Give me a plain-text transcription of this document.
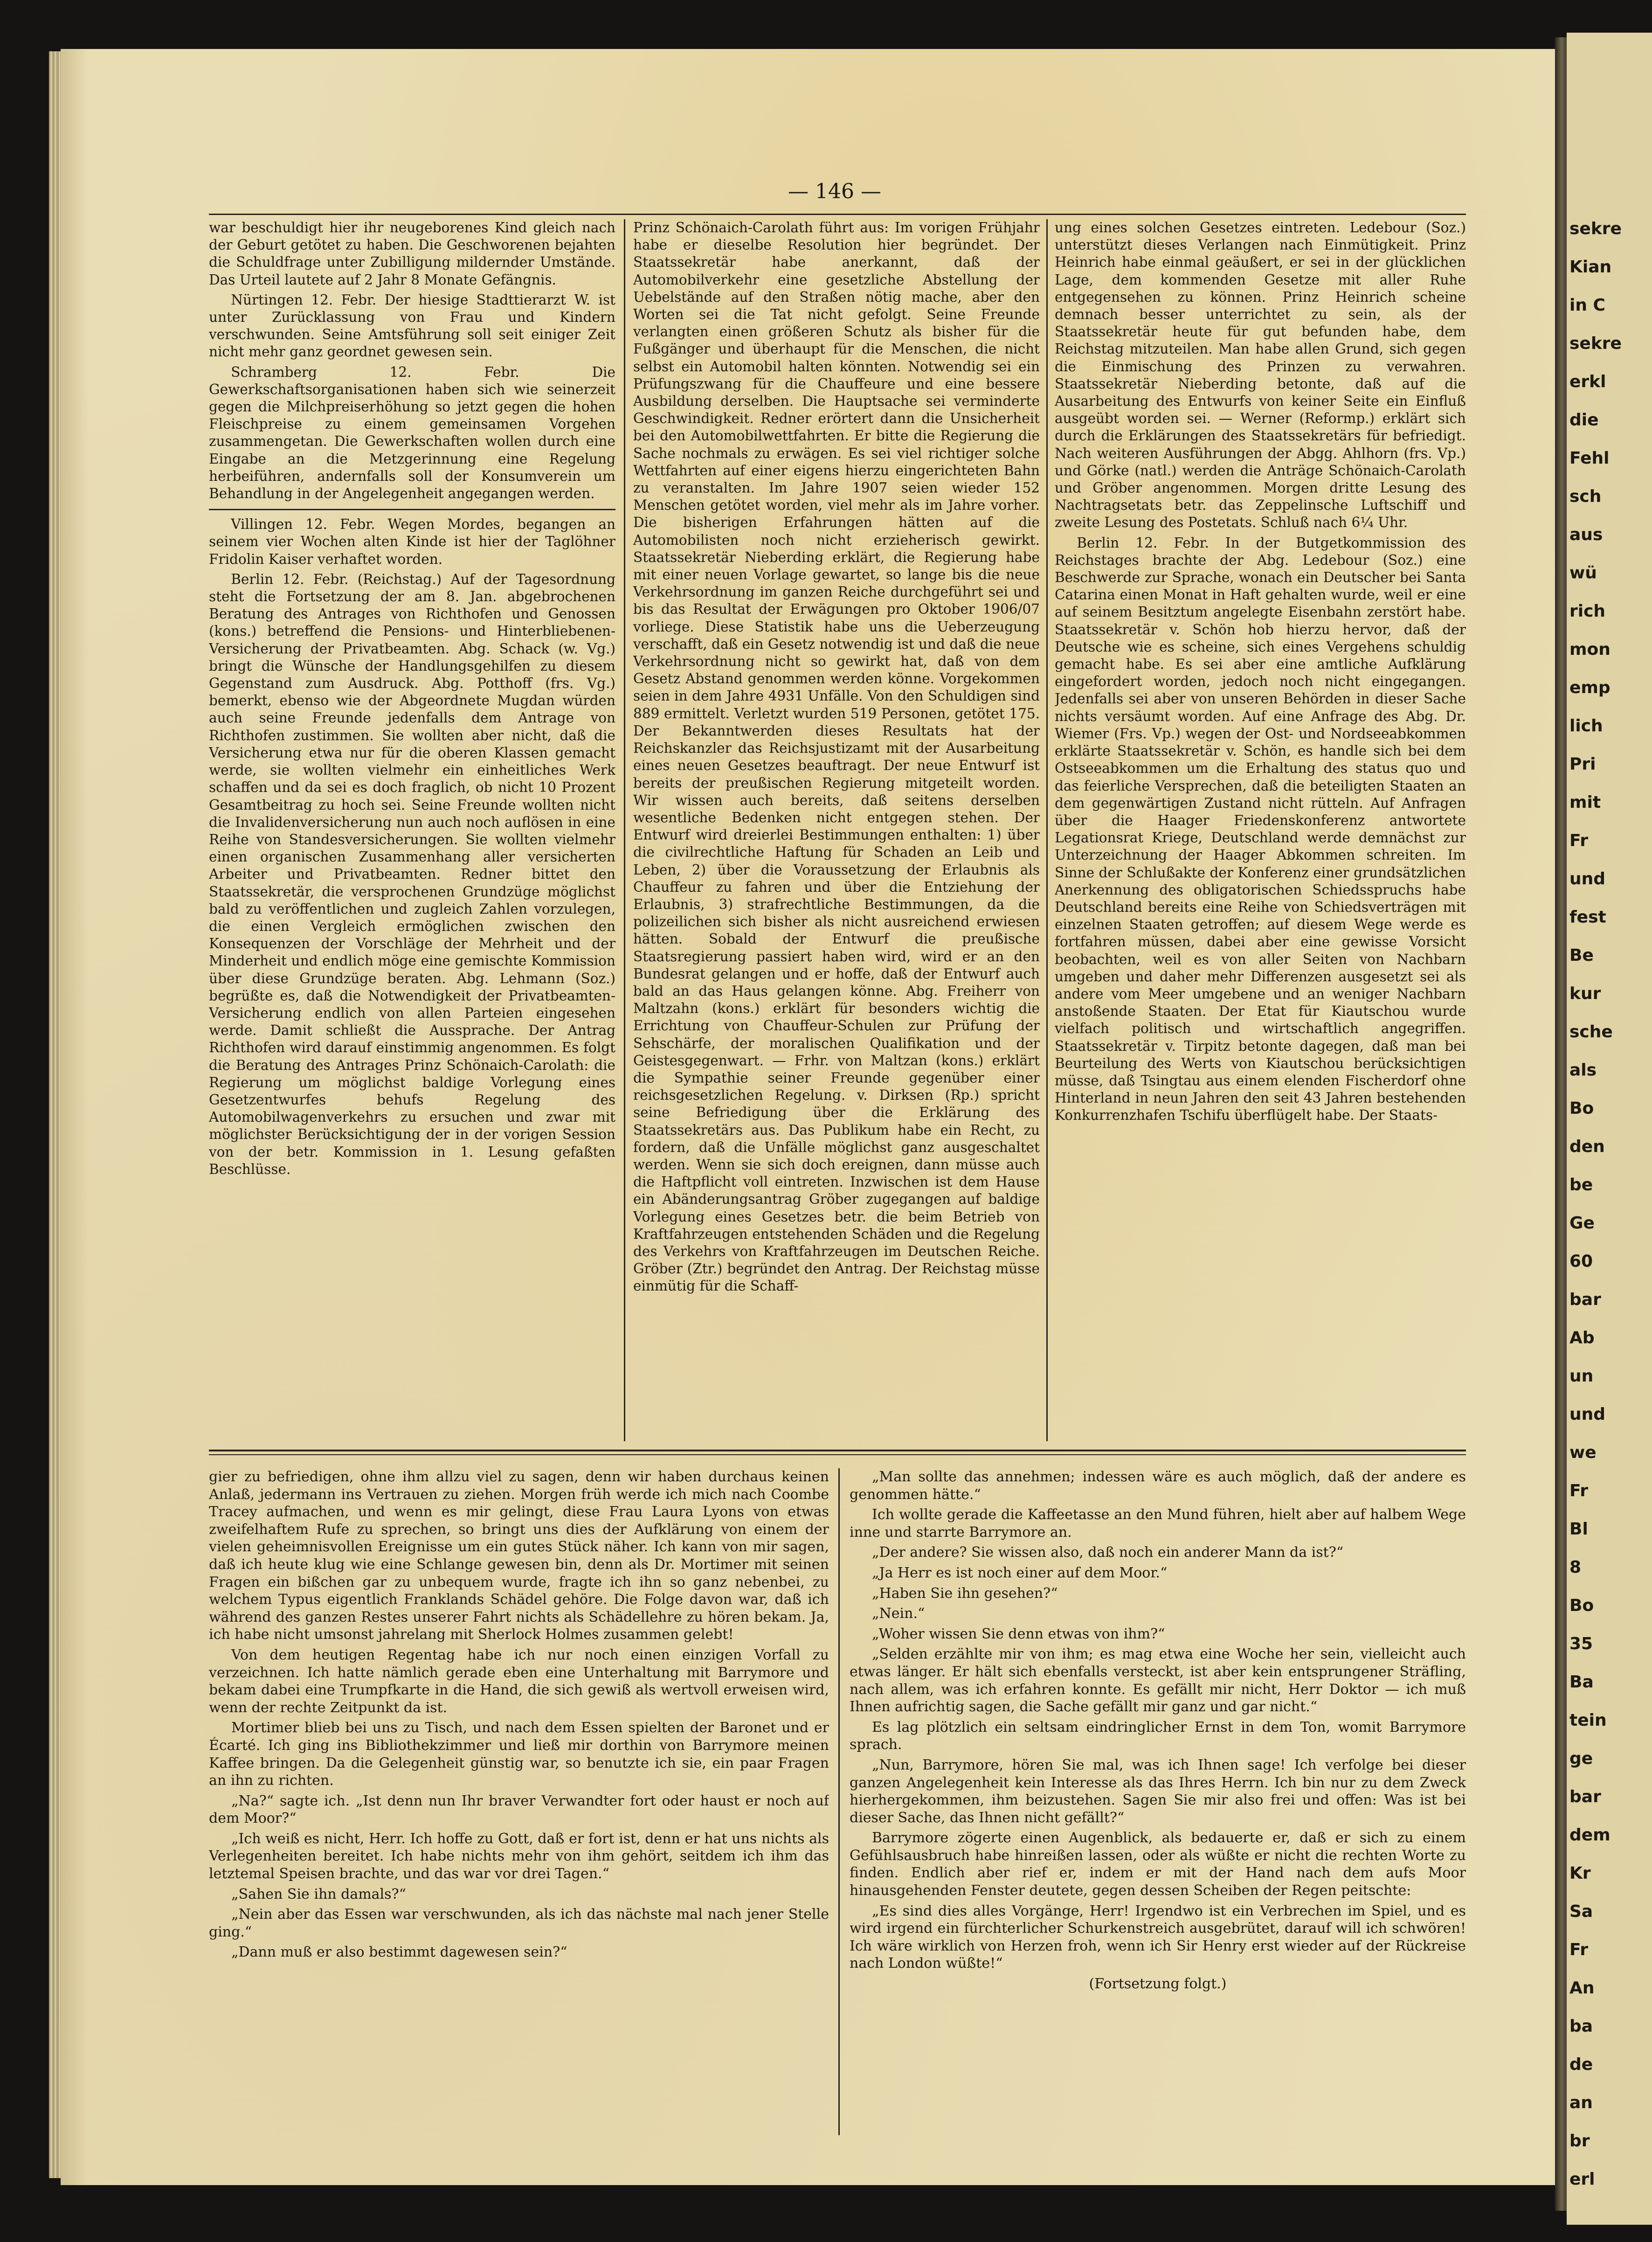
sekre
Kian
in C
sekre
erkl
die
Fehl
sch
aus
wü
rich
mon
emp
lich
Pri
mit
Fr
und
fest
Be
kur
sche
als
Bo
den
be
Ge
60
bar
Ab
un
und
we
Fr
Bl
8
Bo
35
Ba
tein
ge
bar
dem
Kr
Sa
Fr
An
ba
de
an
br
erl
— 146 —

war beschuldigt hier ihr neugeborenes Kind gleich nach der Geburt getötet zu haben. Die Geschworenen bejahten die Schuldfrage unter Zubilligung mildernder Umstände. Das Urteil lautete auf 2 Jahr 8 Monate Gefängnis.

Nürtingen 12. Febr. Der hiesige Stadttierarzt W. ist unter Zurücklassung von Frau und Kindern verschwunden. Seine Amtsführung soll seit einiger Zeit nicht mehr ganz geordnet gewesen sein.

Schramberg 12. Febr. Die Gewerkschaftsorganisationen haben sich wie seinerzeit gegen die Milchpreiserhöhung so jetzt gegen die hohen Fleischpreise zu einem gemeinsamen Vorgehen zusammengetan. Die Gewerkschaften wollen durch eine Eingabe an die Metzgerinnung eine Regelung herbeiführen, andernfalls soll der Konsumverein um Behandlung in der Angelegenheit angegangen werden.

Villingen 12. Febr. Wegen Mordes, begangen an seinem vier Wochen alten Kinde ist hier der Taglöhner Fridolin Kaiser verhaftet worden.

Berlin 12. Febr. (Reichstag.) Auf der Tagesordnung steht die Fortsetzung der am 8. Jan. abgebrochenen Beratung des Antrages von Richthofen und Genossen (kons.) betreffend die Pensions- und Hinterbliebenen-Versicherung der Privatbeamten. Abg. Schack (w. Vg.) bringt die Wünsche der Handlungsgehilfen zu diesem Gegenstand zum Ausdruck. Abg. Potthoff (frs. Vg.) bemerkt, ebenso wie der Abgeordnete Mugdan würden auch seine Freunde jedenfalls dem Antrage von Richthofen zustimmen. Sie wollten aber nicht, daß die Versicherung etwa nur für die oberen Klassen gemacht werde, sie wollten vielmehr ein einheitliches Werk schaffen und da sei es doch fraglich, ob nicht 10 Prozent Gesamtbeitrag zu hoch sei. Seine Freunde wollten nicht die Invalidenversicherung nun auch noch auflösen in eine Reihe von Standesversicherungen. Sie wollten vielmehr einen organischen Zusammenhang aller versicherten Arbeiter und Privatbeamten. Redner bittet den Staatssekretär, die versprochenen Grundzüge möglichst bald zu veröffentlichen und zugleich Zahlen vorzulegen, die einen Vergleich ermöglichen zwischen den Konsequenzen der Vorschläge der Mehrheit und der Minderheit und endlich möge eine gemischte Kommission über diese Grundzüge beraten. Abg. Lehmann (Soz.) begrüßte es, daß die Notwendigkeit der Privatbeamten-Versicherung endlich von allen Parteien eingesehen werde. Damit schließt die Aussprache. Der Antrag Richthofen wird darauf einstimmig angenommen. Es folgt die Beratung des Antrages Prinz Schönaich-Carolath: die Regierung um möglichst baldige Vorlegung eines Gesetzentwurfes behufs Regelung des Automobilwagenverkehrs zu ersuchen und zwar mit möglichster Berücksichtigung der in der vorigen Session von der betr. Kommission in 1. Lesung gefaßten Beschlüsse.

Prinz Schönaich-Carolath führt aus: Im vorigen Frühjahr habe er dieselbe Resolution hier begründet. Der Staatssekretär habe anerkannt, daß der Automobilverkehr eine gesetzliche Abstellung der Uebelstände auf den Straßen nötig mache, aber den Worten sei die Tat nicht gefolgt. Seine Freunde verlangten einen größeren Schutz als bisher für die Fußgänger und überhaupt für die Menschen, die nicht selbst ein Automobil halten könnten. Notwendig sei ein Prüfungszwang für die Chauffeure und eine bessere Ausbildung derselben. Die Hauptsache sei verminderte Geschwindigkeit. Redner erörtert dann die Unsicherheit bei den Automobilwettfahrten. Er bitte die Regierung die Sache nochmals zu erwägen. Es sei viel richtiger solche Wettfahrten auf einer eigens hierzu eingerichteten Bahn zu veranstalten. Im Jahre 1907 seien wieder 152 Menschen getötet worden, viel mehr als im Jahre vorher. Die bisherigen Erfahrungen hätten auf die Automobilisten noch nicht erzieherisch gewirkt. Staatssekretär Nieberding erklärt, die Regierung habe mit einer neuen Vorlage gewartet, so lange bis die neue Verkehrsordnung im ganzen Reiche durchgeführt sei und bis das Resultat der Erwägungen pro Oktober 1906/07 vorliege. Diese Statistik habe uns die Ueberzeugung verschafft, daß ein Gesetz notwendig ist und daß die neue Verkehrsordnung nicht so gewirkt hat, daß von dem Gesetz Abstand genommen werden könne. Vorgekommen seien in dem Jahre 4931 Unfälle. Von den Schuldigen sind 889 ermittelt. Verletzt wurden 519 Personen, getötet 175. Der Bekanntwerden dieses Resultats hat der Reichskanzler das Reichsjustizamt mit der Ausarbeitung eines neuen Gesetzes beauftragt. Der neue Entwurf ist bereits der preußischen Regierung mitgeteilt worden. Wir wissen auch bereits, daß seitens derselben wesentliche Bedenken nicht entgegen stehen. Der Entwurf wird dreierlei Bestimmungen enthalten: 1) über die civilrechtliche Haftung für Schaden an Leib und Leben, 2) über die Voraussetzung der Erlaubnis als Chauffeur zu fahren und über die Entziehung der Erlaubnis, 3) strafrechtliche Bestimmungen, da die polizeilichen sich bisher als nicht ausreichend erwiesen hätten. Sobald der Entwurf die preußische Staatsregierung passiert haben wird, wird er an den Bundesrat gelangen und er hoffe, daß der Entwurf auch bald an das Haus gelangen könne. Abg. Freiherr von Maltzahn (kons.) erklärt für besonders wichtig die Errichtung von Chauffeur-Schulen zur Prüfung der Sehschärfe, der moralischen Qualifikation und der Geistesgegenwart. — Frhr. von Maltzan (kons.) erklärt die Sympathie seiner Freunde gegenüber einer reichsgesetzlichen Regelung. v. Dirksen (Rp.) spricht seine Befriedigung über die Erklärung des Staatssekretärs aus. Das Publikum habe ein Recht, zu fordern, daß die Unfälle möglichst ganz ausgeschaltet werden. Wenn sie sich doch ereignen, dann müsse auch die Haftpflicht voll eintreten. Inzwischen ist dem Hause ein Abänderungsantrag Gröber zugegangen auf baldige Vorlegung eines Gesetzes betr. die beim Betrieb von Kraftfahrzeugen entstehenden Schäden und die Regelung des Verkehrs von Kraftfahrzeugen im Deutschen Reiche. Gröber (Ztr.) begründet den Antrag. Der Reichstag müsse einmütig für die Schaff-

ung eines solchen Gesetzes eintreten. Ledebour (Soz.) unterstützt dieses Verlangen nach Einmütigkeit. Prinz Heinrich habe einmal geäußert, er sei in der glücklichen Lage, dem kommenden Gesetze mit aller Ruhe entgegensehen zu können. Prinz Heinrich scheine demnach besser unterrichtet zu sein, als der Staatssekretär heute für gut befunden habe, dem Reichstag mitzuteilen. Man habe allen Grund, sich gegen die Einmischung des Prinzen zu verwahren. Staatssekretär Nieberding betonte, daß auf die Ausarbeitung des Entwurfs von keiner Seite ein Einfluß ausgeübt worden sei. — Werner (Reformp.) erklärt sich durch die Erklärungen des Staatssekretärs für befriedigt. Nach weiteren Ausführungen der Abgg. Ahlhorn (frs. Vp.) und Görke (natl.) werden die Anträge Schönaich-Carolath und Gröber angenommen. Morgen dritte Lesung des Nachtragsetats betr. das Zeppelinsche Luftschiff und zweite Lesung des Postetats. Schluß nach 6¼ Uhr.

Berlin 12. Febr. In der Butgetkommission des Reichstages brachte der Abg. Ledebour (Soz.) eine Beschwerde zur Sprache, wonach ein Deutscher bei Santa Catarina einen Monat in Haft gehalten wurde, weil er eine auf seinem Besitztum angelegte Eisenbahn zerstört habe. Staatssekretär v. Schön hob hierzu hervor, daß der Deutsche wie es scheine, sich eines Vergehens schuldig gemacht habe. Es sei aber eine amtliche Aufklärung eingefordert worden, jedoch noch nicht eingegangen. Jedenfalls sei aber von unseren Behörden in dieser Sache nichts versäumt worden. Auf eine Anfrage des Abg. Dr. Wiemer (Frs. Vp.) wegen der Ost- und Nordseeabkommen erklärte Staatssekretär v. Schön, es handle sich bei dem Ostseeabkommen um die Erhaltung des status quo und das feierliche Versprechen, daß die beteiligten Staaten an dem gegenwärtigen Zustand nicht rütteln. Auf Anfragen über die Haager Friedenskonferenz antwortete Legationsrat Kriege, Deutschland werde demnächst zur Unterzeichnung der Haager Abkommen schreiten. Im Sinne der Schlußakte der Konferenz einer grundsätzlichen Anerkennung des obligatorischen Schiedsspruchs habe Deutschland bereits eine Reihe von Schiedsverträgen mit einzelnen Staaten getroffen; auf diesem Wege werde es fortfahren müssen, dabei aber eine gewisse Vorsicht beobachten, weil es von aller Seiten von Nachbarn umgeben und daher mehr Differenzen ausgesetzt sei als andere vom Meer umgebene und an weniger Nachbarn anstoßende Staaten. Der Etat für Kiautschou wurde vielfach politisch und wirtschaftlich angegriffen. Staatssekretär v. Tirpitz betonte dagegen, daß man bei Beurteilung des Werts von Kiautschou berücksichtigen müsse, daß Tsingtau aus einem elenden Fischerdorf ohne Hinterland in neun Jahren den seit 43 Jahren bestehenden Konkurrenzhafen Tschifu überflügelt habe. Der Staats-

gier zu befriedigen, ohne ihm allzu viel zu sagen, denn wir haben durchaus keinen Anlaß, jedermann ins Vertrauen zu ziehen. Morgen früh werde ich mich nach Coombe Tracey aufmachen, und wenn es mir gelingt, diese Frau Laura Lyons von etwas zweifelhaftem Rufe zu sprechen, so bringt uns dies der Aufklärung von einem der vielen geheimnisvollen Ereignisse um ein gutes Stück näher. Ich kann von mir sagen, daß ich heute klug wie eine Schlange gewesen bin, denn als Dr. Mortimer mit seinen Fragen ein bißchen gar zu unbequem wurde, fragte ich ihn so ganz nebenbei, zu welchem Typus eigentlich Franklands Schädel gehöre. Die Folge davon war, daß ich während des ganzen Restes unserer Fahrt nichts als Schädellehre zu hören bekam. Ja, ich habe nicht umsonst jahrelang mit Sherlock Holmes zusammen gelebt!

Von dem heutigen Regentag habe ich nur noch einen einzigen Vorfall zu verzeichnen. Ich hatte nämlich gerade eben eine Unterhaltung mit Barrymore und bekam dabei eine Trumpfkarte in die Hand, die sich gewiß als wertvoll erweisen wird, wenn der rechte Zeitpunkt da ist.

Mortimer blieb bei uns zu Tisch, und nach dem Essen spielten der Baronet und er Écarté. Ich ging ins Bibliothekzimmer und ließ mir dorthin von Barrymore meinen Kaffee bringen. Da die Gelegenheit günstig war, so benutzte ich sie, ein paar Fragen an ihn zu richten.

„Na?“ sagte ich. „Ist denn nun Ihr braver Verwandter fort oder haust er noch auf dem Moor?“

„Ich weiß es nicht, Herr. Ich hoffe zu Gott, daß er fort ist, denn er hat uns nichts als Verlegenheiten bereitet. Ich habe nichts mehr von ihm gehört, seitdem ich ihm das letztemal Speisen brachte, und das war vor drei Tagen.“

„Sahen Sie ihn damals?“

„Nein aber das Essen war verschwunden, als ich das nächste mal nach jener Stelle ging.“

„Dann muß er also bestimmt dagewesen sein?“

„Man sollte das annehmen; indessen wäre es auch möglich, daß der andere es genommen hätte.“

Ich wollte gerade die Kaffeetasse an den Mund führen, hielt aber auf halbem Wege inne und starrte Barrymore an.

„Der andere? Sie wissen also, daß noch ein anderer Mann da ist?“

„Ja Herr es ist noch einer auf dem Moor.“

„Haben Sie ihn gesehen?“

„Nein.“

„Woher wissen Sie denn etwas von ihm?“

„Selden erzählte mir von ihm; es mag etwa eine Woche her sein, vielleicht auch etwas länger. Er hält sich ebenfalls versteckt, ist aber kein entsprungener Sträfling, nach allem, was ich erfahren konnte. Es gefällt mir nicht, Herr Doktor — ich muß Ihnen aufrichtig sagen, die Sache gefällt mir ganz und gar nicht.“

Es lag plötzlich ein seltsam eindringlicher Ernst in dem Ton, womit Barrymore sprach.

„Nun, Barrymore, hören Sie mal, was ich Ihnen sage! Ich verfolge bei dieser ganzen Angelegenheit kein Interesse als das Ihres Herrn. Ich bin nur zu dem Zweck hierhergekommen, ihm beizustehen. Sagen Sie mir also frei und offen: Was ist bei dieser Sache, das Ihnen nicht gefällt?“

Barrymore zögerte einen Augenblick, als bedauerte er, daß er sich zu einem Gefühlsausbruch habe hinreißen lassen, oder als wüßte er nicht die rechten Worte zu finden. Endlich aber rief er, indem er mit der Hand nach dem aufs Moor hinausgehenden Fenster deutete, gegen dessen Scheiben der Regen peitschte:

„Es sind dies alles Vorgänge, Herr! Irgendwo ist ein Verbrechen im Spiel, und es wird irgend ein fürchterlicher Schurkenstreich ausgebrütet, darauf will ich schwören! Ich wäre wirklich von Herzen froh, wenn ich Sir Henry erst wieder auf der Rückreise nach London wüßte!“

(Fortsetzung folgt.)
